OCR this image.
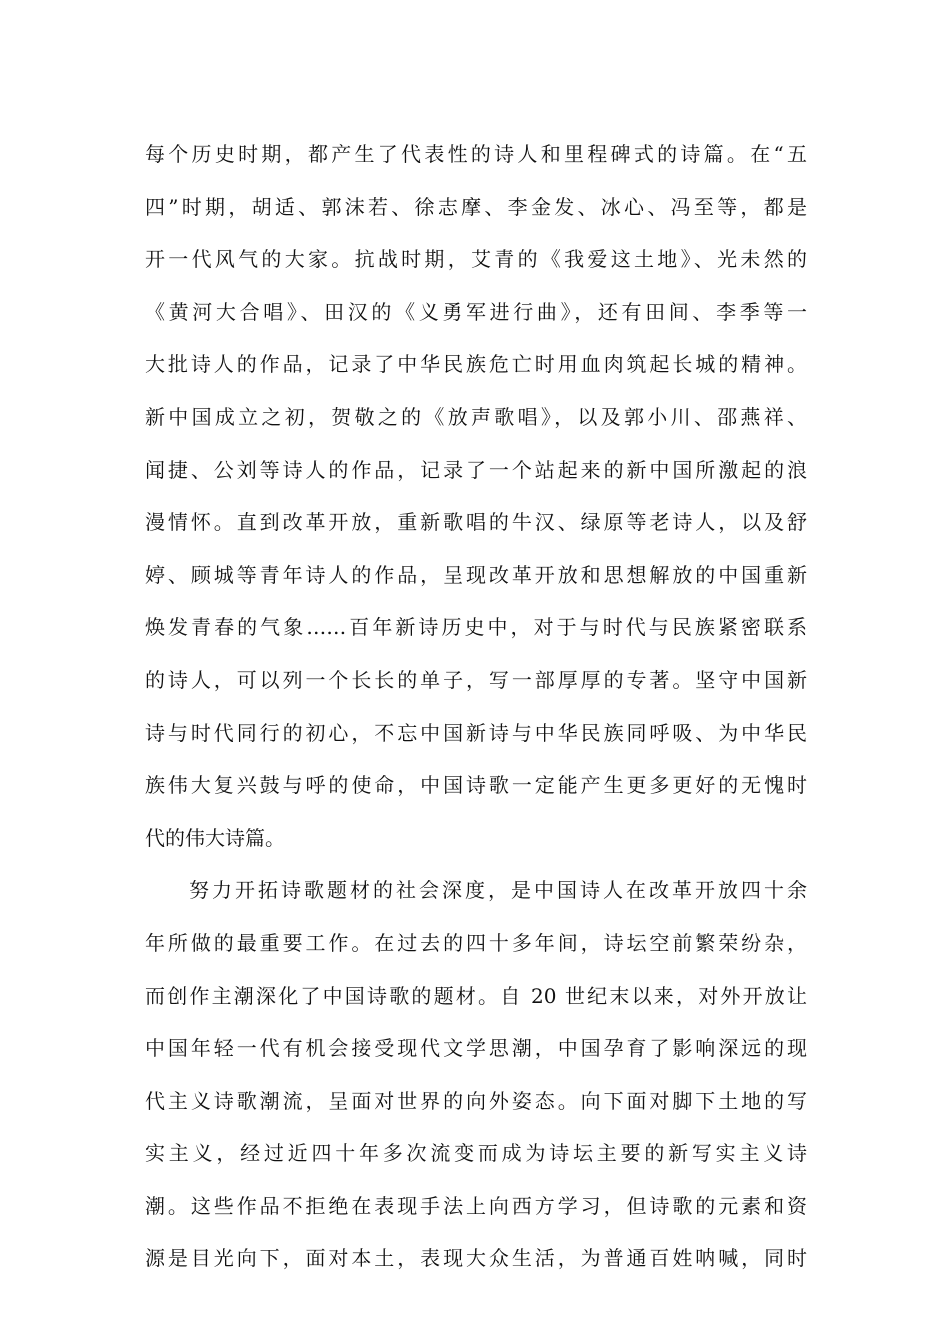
每个历史时期，都产生了代表性的诗人和里程碑式的诗篇。在“五
四”时期，胡适、郭沫若、徐志摩、李金发、冰心、冯至等，都是
开一代风气的大家。抗战时期，艾青的《我爱这土地》、光未然的
《黄河大合唱》、田汉的《义勇军进行曲》，还有田间、李季等一
大批诗人的作品，记录了中华民族危亡时用血肉筑起长城的精神。
新中国成立之初，贺敬之的《放声歌唱》，以及郭小川、邵燕祥、
闻捷、公刘等诗人的作品，记录了一个站起来的新中国所激起的浪
漫情怀。直到改革开放，重新歌唱的牛汉、绿原等老诗人，以及舒
婷、顾城等青年诗人的作品，呈现改革开放和思想解放的中国重新
焕发青春的气象……百年新诗历史中，对于与时代与民族紧密联系
的诗人，可以列一个长长的单子，写一部厚厚的专著。坚守中国新
诗与时代同行的初心，不忘中国新诗与中华民族同呼吸、为中华民
族伟大复兴鼓与呼的使命，中国诗歌一定能产生更多更好的无愧时
代的伟大诗篇。
努力开拓诗歌题材的社会深度，是中国诗人在改革开放四十余
年所做的最重要工作。在过去的四十多年间，诗坛空前繁荣纷杂，
而创作主潮深化了中国诗歌的题材。自 20 世纪末以来，对外开放让
中国年轻一代有机会接受现代文学思潮，中国孕育了影响深远的现
代主义诗歌潮流，呈面对世界的向外姿态。向下面对脚下土地的写
实主义，经过近四十年多次流变而成为诗坛主要的新写实主义诗
潮。这些作品不拒绝在表现手法上向西方学习，但诗歌的元素和资
源是目光向下，面对本土，表现大众生活，为普通百姓呐喊，同时
